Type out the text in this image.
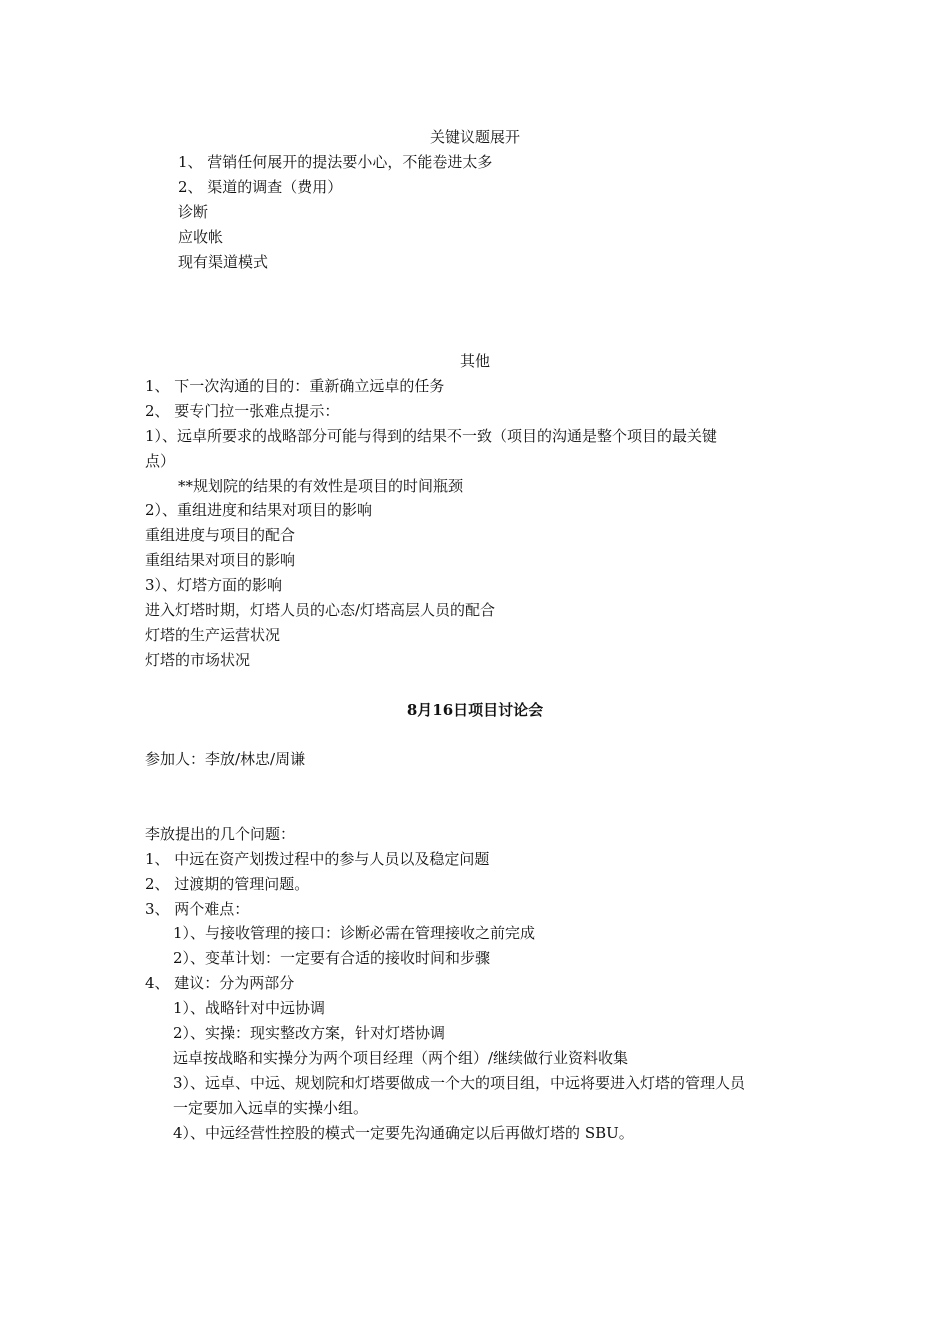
关键议题展开
1、 营销任何展开的提法要小心，不能卷进太多
2、 渠道的调查（费用）
诊断
应收帐
现有渠道模式
其他
1、 下一次沟通的目的：重新确立远卓的任务
2、 要专门拉一张难点提示：
1）、远卓所要求的战略部分可能与得到的结果不一致（项目的沟通是整个项目的最关键
点）
**规划院的结果的有效性是项目的时间瓶颈
2）、重组进度和结果对项目的影响
重组进度与项目的配合
重组结果对项目的影响
3）、灯塔方面的影响
进入灯塔时期，灯塔人员的心态/灯塔高层人员的配合
灯塔的生产运营状况
灯塔的市场状况
8月16日项目讨论会
参加人：李放/林忠/周谦
李放提出的几个问题：
1、 中远在资产划拨过程中的参与人员以及稳定问题
2、 过渡期的管理问题。
3、 两个难点：
1）、与接收管理的接口：诊断必需在管理接收之前完成
2）、变革计划：一定要有合适的接收时间和步骤
4、 建议：分为两部分
1）、战略针对中远协调
2）、实操：现实整改方案，针对灯塔协调
远卓按战略和实操分为两个项目经理（两个组）/继续做行业资料收集
3）、远卓、中远、规划院和灯塔要做成一个大的项目组，中远将要进入灯塔的管理人员
一定要加入远卓的实操小组。
4）、中远经营性控股的模式一定要先沟通确定以后再做灯塔的 SBU。
